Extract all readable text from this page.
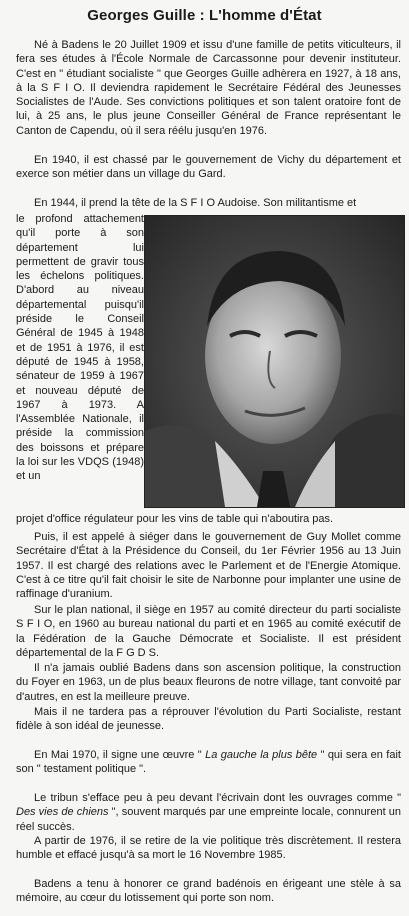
Georges Guille : L'homme d'État
Né à Badens le 20 Juillet 1909 et issu d'une famille de petits viticulteurs, il fera ses études à l'École Normale de Carcassonne pour devenir instituteur. C'est en " étudiant socialiste " que Georges Guille adhèrera en 1927, à 18 ans, à la S F I O. Il deviendra rapidement le Secrétaire Fédéral des Jeunesses Socialistes de l'Aude. Ses convictions politiques et son talent oratoire font de lui, à 25 ans, le plus jeune Conseiller Général de France représentant le Canton de Capendu, où il sera réélu jusqu'en 1976.
En 1940, il est chassé par le gouvernement de Vichy du département et exerce son métier dans un village du Gard.
En 1944, il prend la tête de la S F I O Audoise. Son militantisme et
le profond attachement qu'il porte à son département lui permettent de gravir tous les échelons politiques. D'abord au niveau départemental puisqu'il préside le Conseil Général de 1945 à 1948 et de 1951 à 1976, il est député de 1945 à 1958, sénateur de 1959 à 1967 et nouveau député de 1967 à 1973. A l'Assemblée Nationale, il préside la commission des boissons et prépare la loi sur les VDQS (1948) et un
projet d'office régulateur pour les vins de table qui n'aboutira pas.
Puis, il est appelé à siéger dans le gouvernement de Guy Mollet comme Secrétaire d'État à la Présidence du Conseil, du 1er Février 1956 au 13 Juin 1957. Il est chargé des relations avec le Parlement et de l'Energie Atomique. C'est à ce titre qu'il fait choisir le site de Narbonne pour implanter une usine de raffinage d'uranium.
Sur le plan national, il siège en 1957 au comité directeur du parti socialiste S F I O, en 1960 au bureau national du parti et en 1965 au comité exécutif de la Fédération de la Gauche Démocrate et Socialiste. Il est président départemental de la F G D S.
Il n'a jamais oublié Badens dans son ascension politique, la construction du Foyer en 1963, un de plus beaux fleurons de notre village, tant convoité par d'autres, en est la meilleure preuve.
Mais il ne tardera pas a réprouver l'évolution du Parti Socialiste, restant fidèle à son idéal de jeunesse.
En Mai 1970, il signe une œuvre " La gauche la plus bête " qui sera en fait son " testament politique ".
Le tribun s'efface peu à peu devant l'écrivain dont les ouvrages comme " Des vies de chiens ", souvent marqués par une empreinte locale, connurent un réel succès.
A partir de 1976, il se retire de la vie politique très discrètement. Il restera humble et effacé jusqu'à sa mort le 16 Novembre 1985.
Badens a tenu à honorer ce grand badénois en érigeant une stèle à sa mémoire, au cœur du lotissement qui porte son nom.
